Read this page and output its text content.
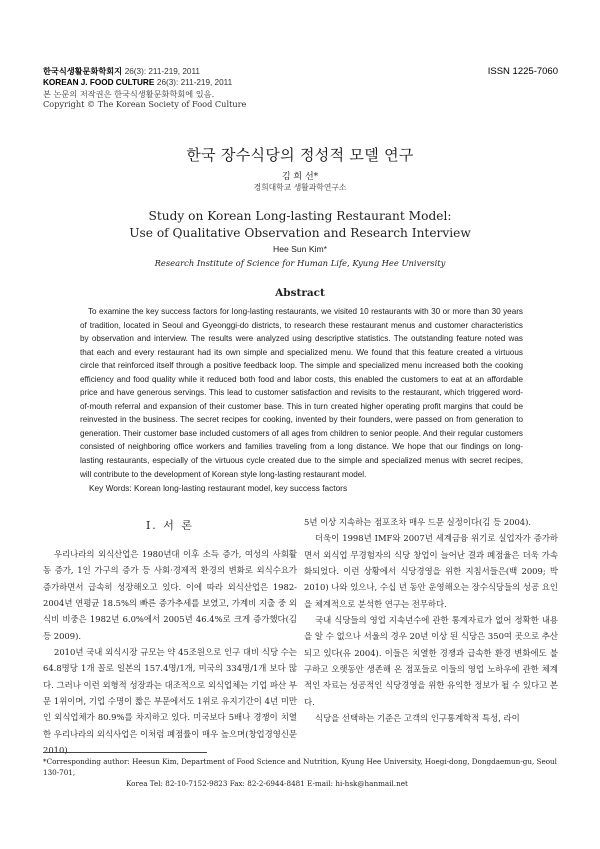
한국식생활문화학회지 26(3): 211-219, 2011
KOREAN J. FOOD CULTURE 26(3): 211-219, 2011
본 논문의 저작권은 한국식생활문화학회에 있음.
Copyright © The Korean Society of Food Culture
ISSN 1225-7060
한국 장수식당의 정성적 모델 연구
김 희 선*
경희대학교 생활과학연구소
Study on Korean Long-lasting Restaurant Model:
Use of Qualitative Observation and Research Interview
Hee Sun Kim*
Research Institute of Science for Human Life, Kyung Hee University
Abstract
To examine the key success factors for long-lasting restaurants, we visited 10 restaurants with 30 or more than 30 years of tradition, located in Seoul and Gyeonggi-do districts, to research these restaurant menus and customer characteristics by observation and interview. The results were analyzed using descriptive statistics. The outstanding feature noted was that each and every restaurant had its own simple and specialized menu. We found that this feature created a virtuous circle that reinforced itself through a positive feedback loop. The simple and specialized menu increased both the cooking efficiency and food quality while it reduced both food and labor costs, this enabled the customers to eat at an affordable price and have generous servings. This lead to customer satisfaction and revisits to the restaurant, which triggered word-of-mouth referral and expansion of their customer base. This in turn created higher operating profit margins that could be reinvested in the business. The secret recipes for cooking, invented by their founders, were passed on from generation to generation. Their customer base included customers of all ages from children to senior people. And their regular customers consisted of neighboring office workers and families traveling from a long distance. We hope that our findings on long-lasting restaurants, especially of the virtuous cycle created due to the simple and specialized menus with secret recipes, will contribute to the development of Korean style long-lasting restaurant model.
Key Words: Korean long-lasting restaurant model, key success factors
Ⅰ. 서 론

우리나라의 외식산업은 1980년대 이후 소득 증가, 여성의 사회활동 증가, 1인 가구의 증가 등 사회·경제적 환경의 변화로 외식수요가 증가하면서 급속히 성장해오고 있다. 이에 따라 외식산업은 1982-2004년 연평균 18.5%의 빠른 증가추세를 보였고, 가계비 지출 중 외식비 비중은 1982년 6.0%에서 2005년 46.4%로 크게 증가했다(김 등 2009).

2010년 국내 외식시장 규모는 약 45조원으로 인구 대비 식당 수는 64.8명당 1개 꼴로 일본의 157.4명/1개, 미국의 334명/1개 보다 많다. 그러나 이런 외형적 성장과는 대조적으로 외식업체는 기업 파산 부문 1위이며, 기업 수명이 짧은 부문에서도 1위로 유지기간이 4년 미만인 외식업체가 80.9%를 차지하고 있다. 미국보다 5배나 경쟁이 치열한 우리나라의 외식사업은 이처럼 폐점률이 매우 높으며(창업경영신문 2010)

5년 이상 지속하는 점포조차 매우 드문 실정이다(김 등 2004).

더욱이 1998년 IMF와 2007년 세계금융 위기로 실업자가 증가하면서 외식업 무경험자의 식당 창업이 늘어난 결과 폐점율은 더욱 가속화되었다. 이런 상황에서 식당경영을 위한 지침서들은(백 2009; 박 2010) 나와 있으나, 수십 년 동안 운영해오는 장수식당들의 성공 요인을 체계적으로 분석한 연구는 전무하다.

국내 식당들의 영업 지속년수에 관한 통계자료가 없어 정확한 내용을 알 수 없으나 서울의 경우 20년 이상 된 식당은 350여 곳으로 추산되고 있다(유 2004). 이들은 치열한 경쟁과 급속한 환경 변화에도 불구하고 오랫동안 생존해 온 점포들로 이들의 영업 노하우에 관한 체계적인 자료는 성공적인 식당경영을 위한 유익한 정보가 될 수 있다고 본다.

식당을 선택하는 기준은 고객의 인구통계학적 특성, 라이

*Corresponding author: Heesun Kim, Department of Food Science and Nutrition, Kyung Hee University, Hoegi-dong, Dongdaemun-gu, Seoul 130-701,
Korea Tel: 82-10-7152-9823 Fax: 82-2-6944-8481 E-mail: hi-hsk@hanmail.net
